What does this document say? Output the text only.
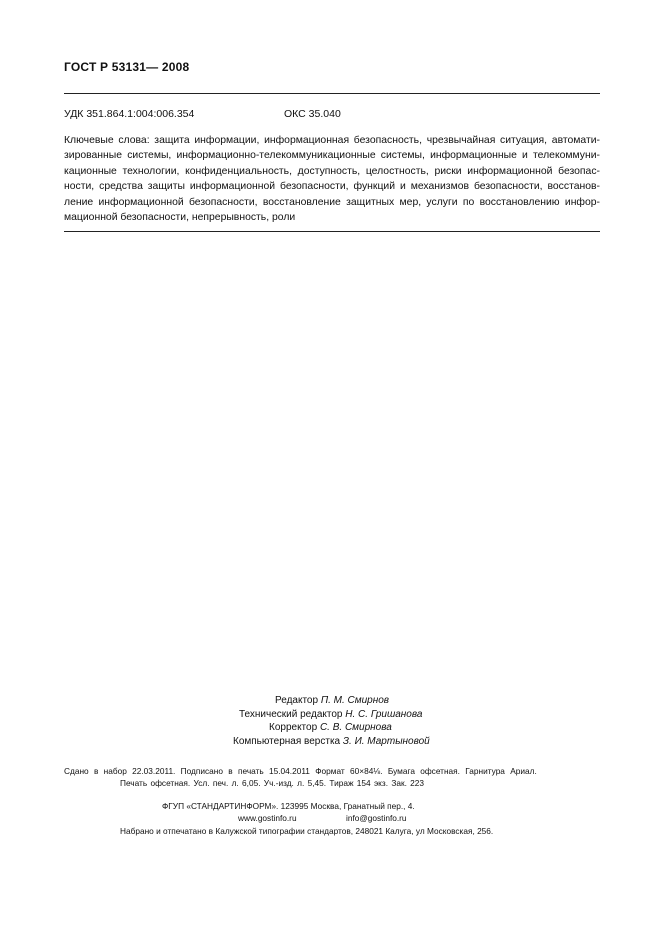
ГОСТ Р 53131— 2008
УДК 351.864.1:004:006.354	ОКС 35.040
Ключевые слова: защита информации, информационная безопасность, чрезвычайная ситуация, автомати-
зированные системы, информационно-телекоммуникационные системы, информационные и телекоммуни-
кационные технологии, конфиденциальность, доступность, целостность, риски информационной безопас-
ности, средства защиты информационной безопасности, функций и механизмов безопасности, восстанов-
ление информационной безопасности, восстановление защитных мер, услуги по восстановлению инфор-
мационной безопасности, непрерывность, роли
Редактор П. М. Смирнов
Технический редактор Н. С. Гришанова
Корректор С. В. Смирнова
Компьютерная верстка З. И. Мартыновой
Сдано в набор 22.03.2011. Подписано в печать 15.04.2011 Формат 60×84⅛. Бумага офсетная. Гарнитура Ариал.
Печать офсетная. Усл. печ. л. 6,05. Уч.-изд. л. 5,45. Тираж 154 экз. Зак. 223
ФГУП «СТАНДАРТИНФОРМ». 123995 Москва, Гранатный пер., 4.
www.gostinfo.ru	info@gostinfo.ru
Набрано и отпечатано в Калужской типографии стандартов, 248021 Калуга, ул Московская, 256.
